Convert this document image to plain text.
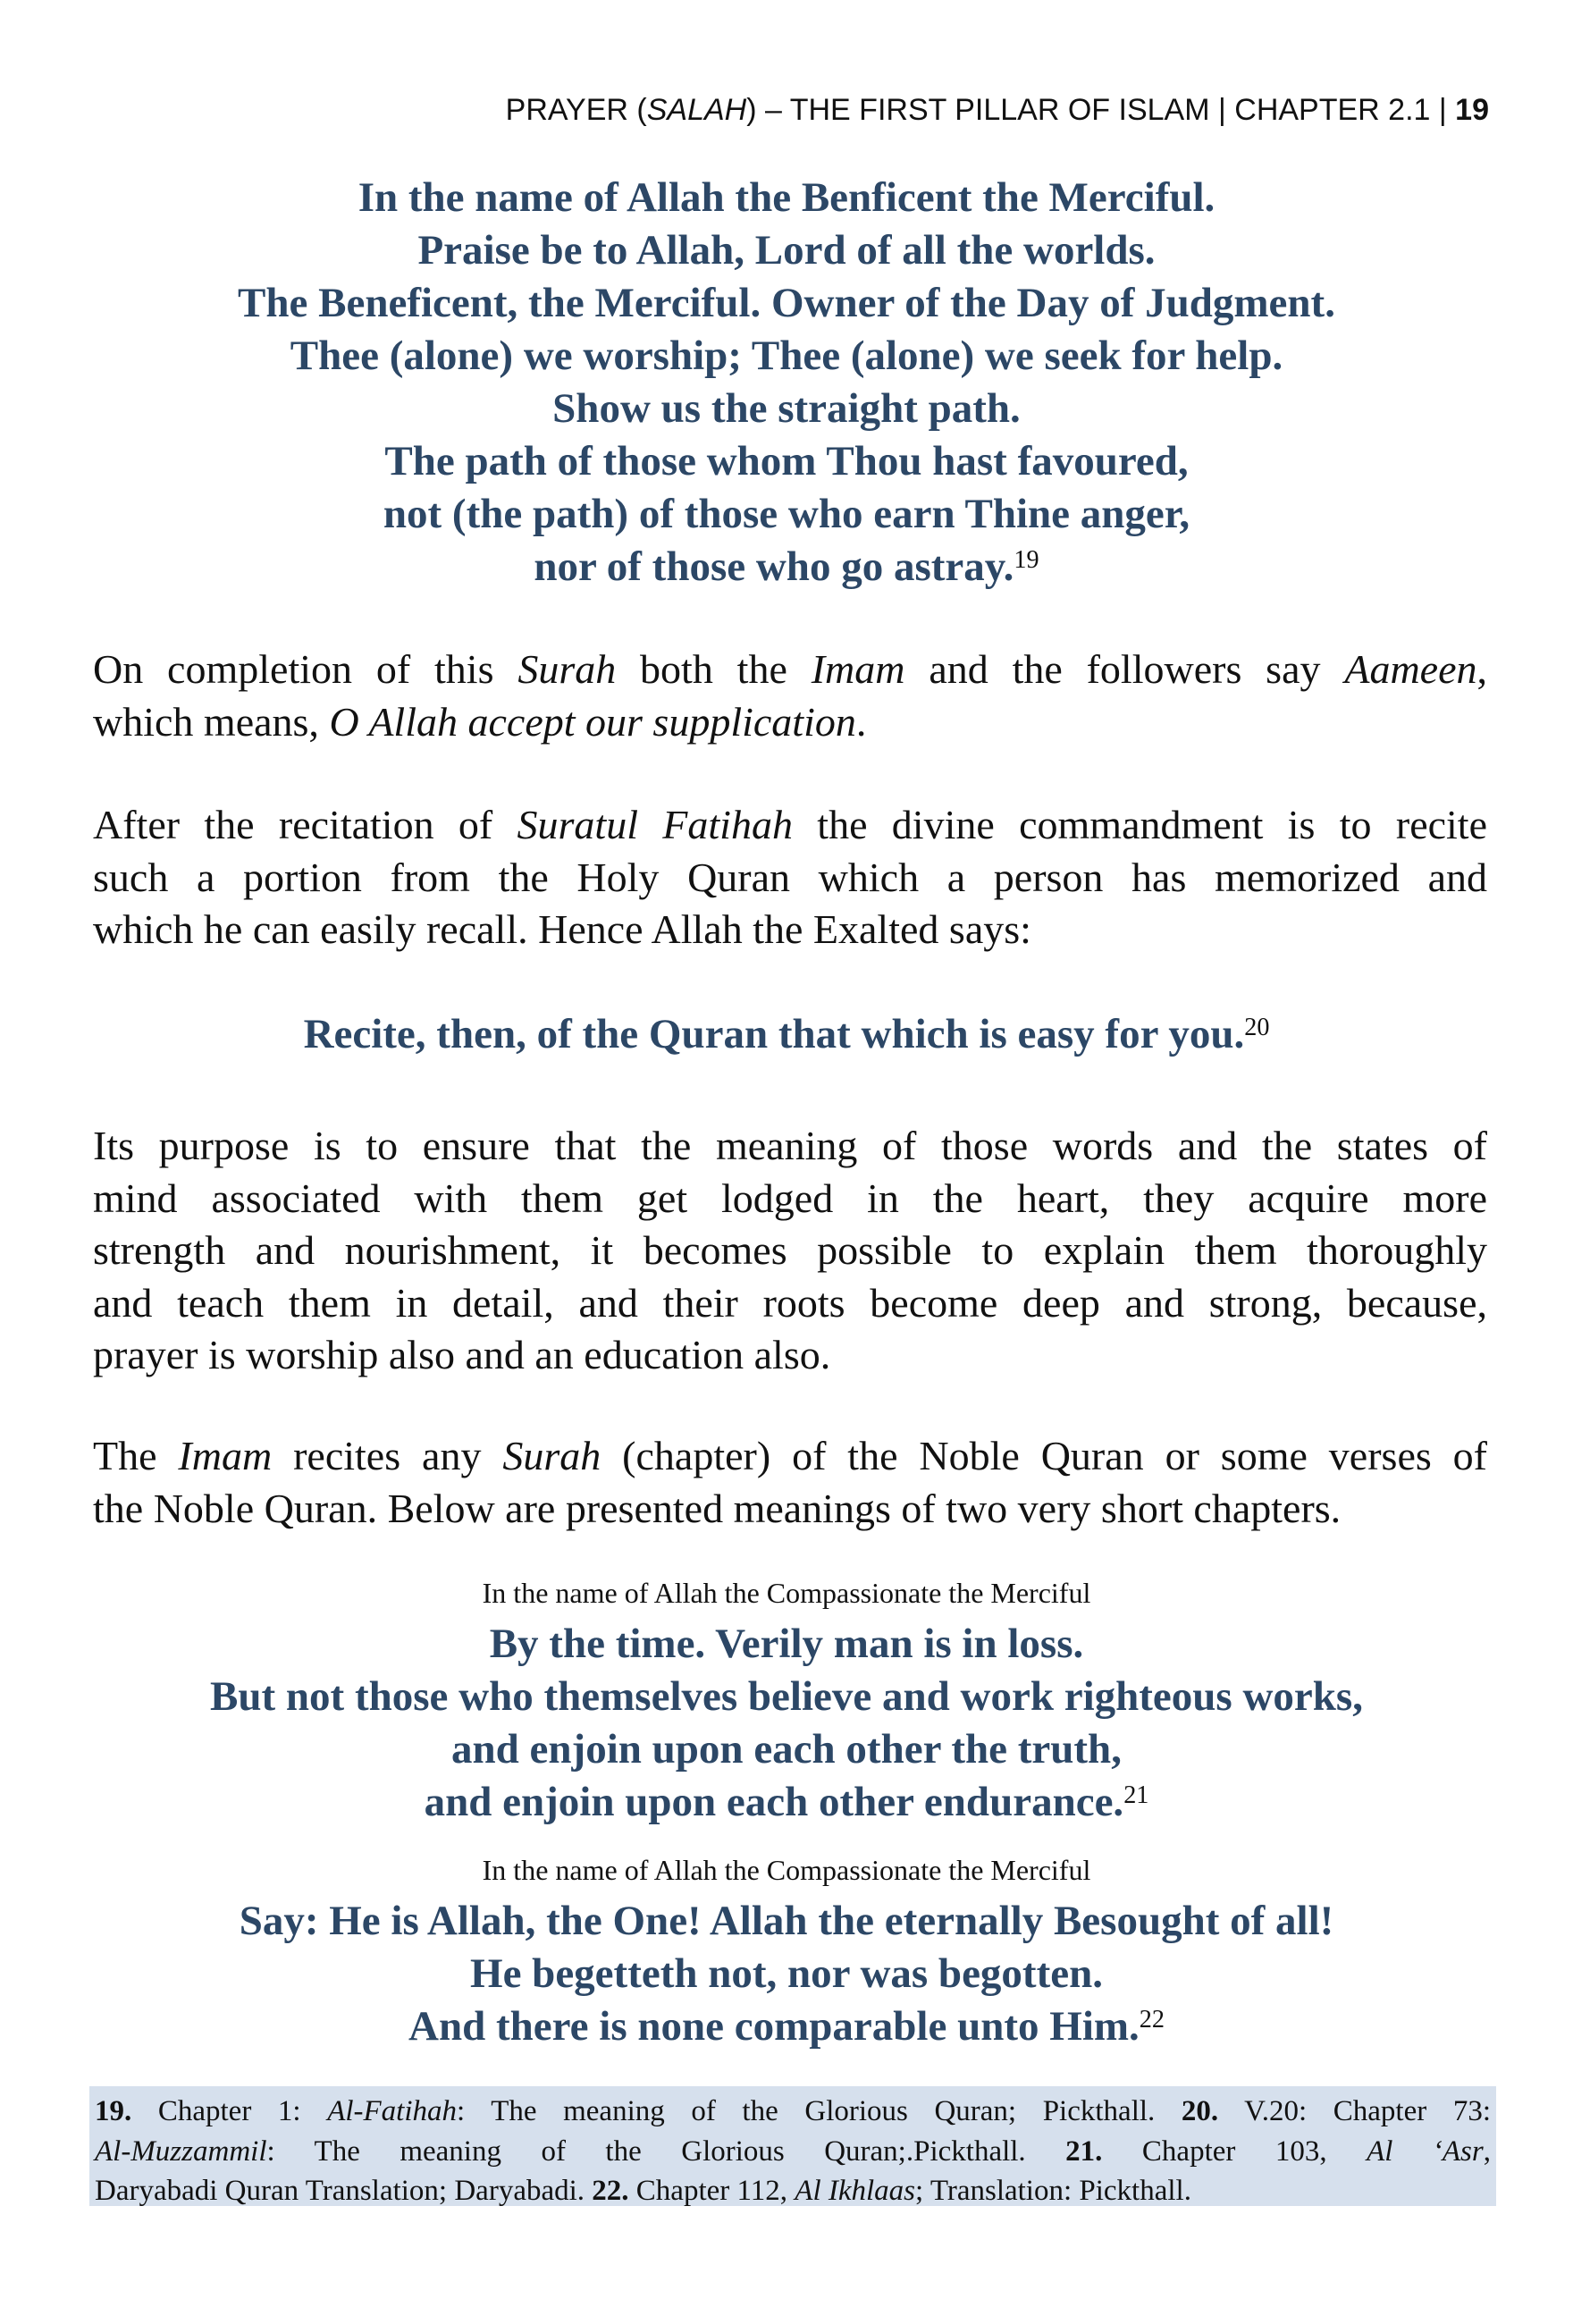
PRAYER (SALAH) – THE FIRST PILLAR OF ISLAM | CHAPTER 2.1 | 19
In the name of Allah the Benficent the Merciful.
Praise be to Allah, Lord of all the worlds.
The Beneficent, the Merciful. Owner of the Day of Judgment.
Thee (alone) we worship; Thee (alone) we seek for help.
Show us the straight path.
The path of those whom Thou hast favoured,
not (the path) of those who earn Thine anger,
nor of those who go astray.$^{19}$
On completion of this Surah both the Imam and the followers say Aameen,
which means, O Allah accept our supplication.
After the recitation of Suratul Fatihah the divine commandment is to recite
such a portion from the Holy Quran which a person has memorized and
which he can easily recall. Hence Allah the Exalted says:
Recite, then, of the Quran that which is easy for you.$^{20}$
Its purpose is to ensure that the meaning of those words and the states of
mind associated with them get lodged in the heart, they acquire more
strength and nourishment, it becomes possible to explain them thoroughly
and teach them in detail, and their roots become deep and strong, because,
prayer is worship also and an education also.
The Imam recites any Surah (chapter) of the Noble Quran or some verses of
the Noble Quran. Below are presented meanings of two very short chapters.
In the name of Allah the Compassionate the Merciful
By the time. Verily man is in loss.
But not those who themselves believe and work righteous works,
and enjoin upon each other the truth,
and enjoin upon each other endurance.$^{21}$
In the name of Allah the Compassionate the Merciful
Say: He is Allah, the One! Allah the eternally Besought of all!
He begetteth not, nor was begotten.
And there is none comparable unto Him.$^{22}$
19. Chapter 1: Al-Fatihah: The meaning of the Glorious Quran; Pickthall. 20. V.20: Chapter 73:
Al-Muzzammil: The meaning of the Glorious Quran;.Pickthall. 21. Chapter 103, Al ‘Asr,
Daryabadi Quran Translation; Daryabadi. 22. Chapter 112, Al Ikhlaas; Translation: Pickthall.
